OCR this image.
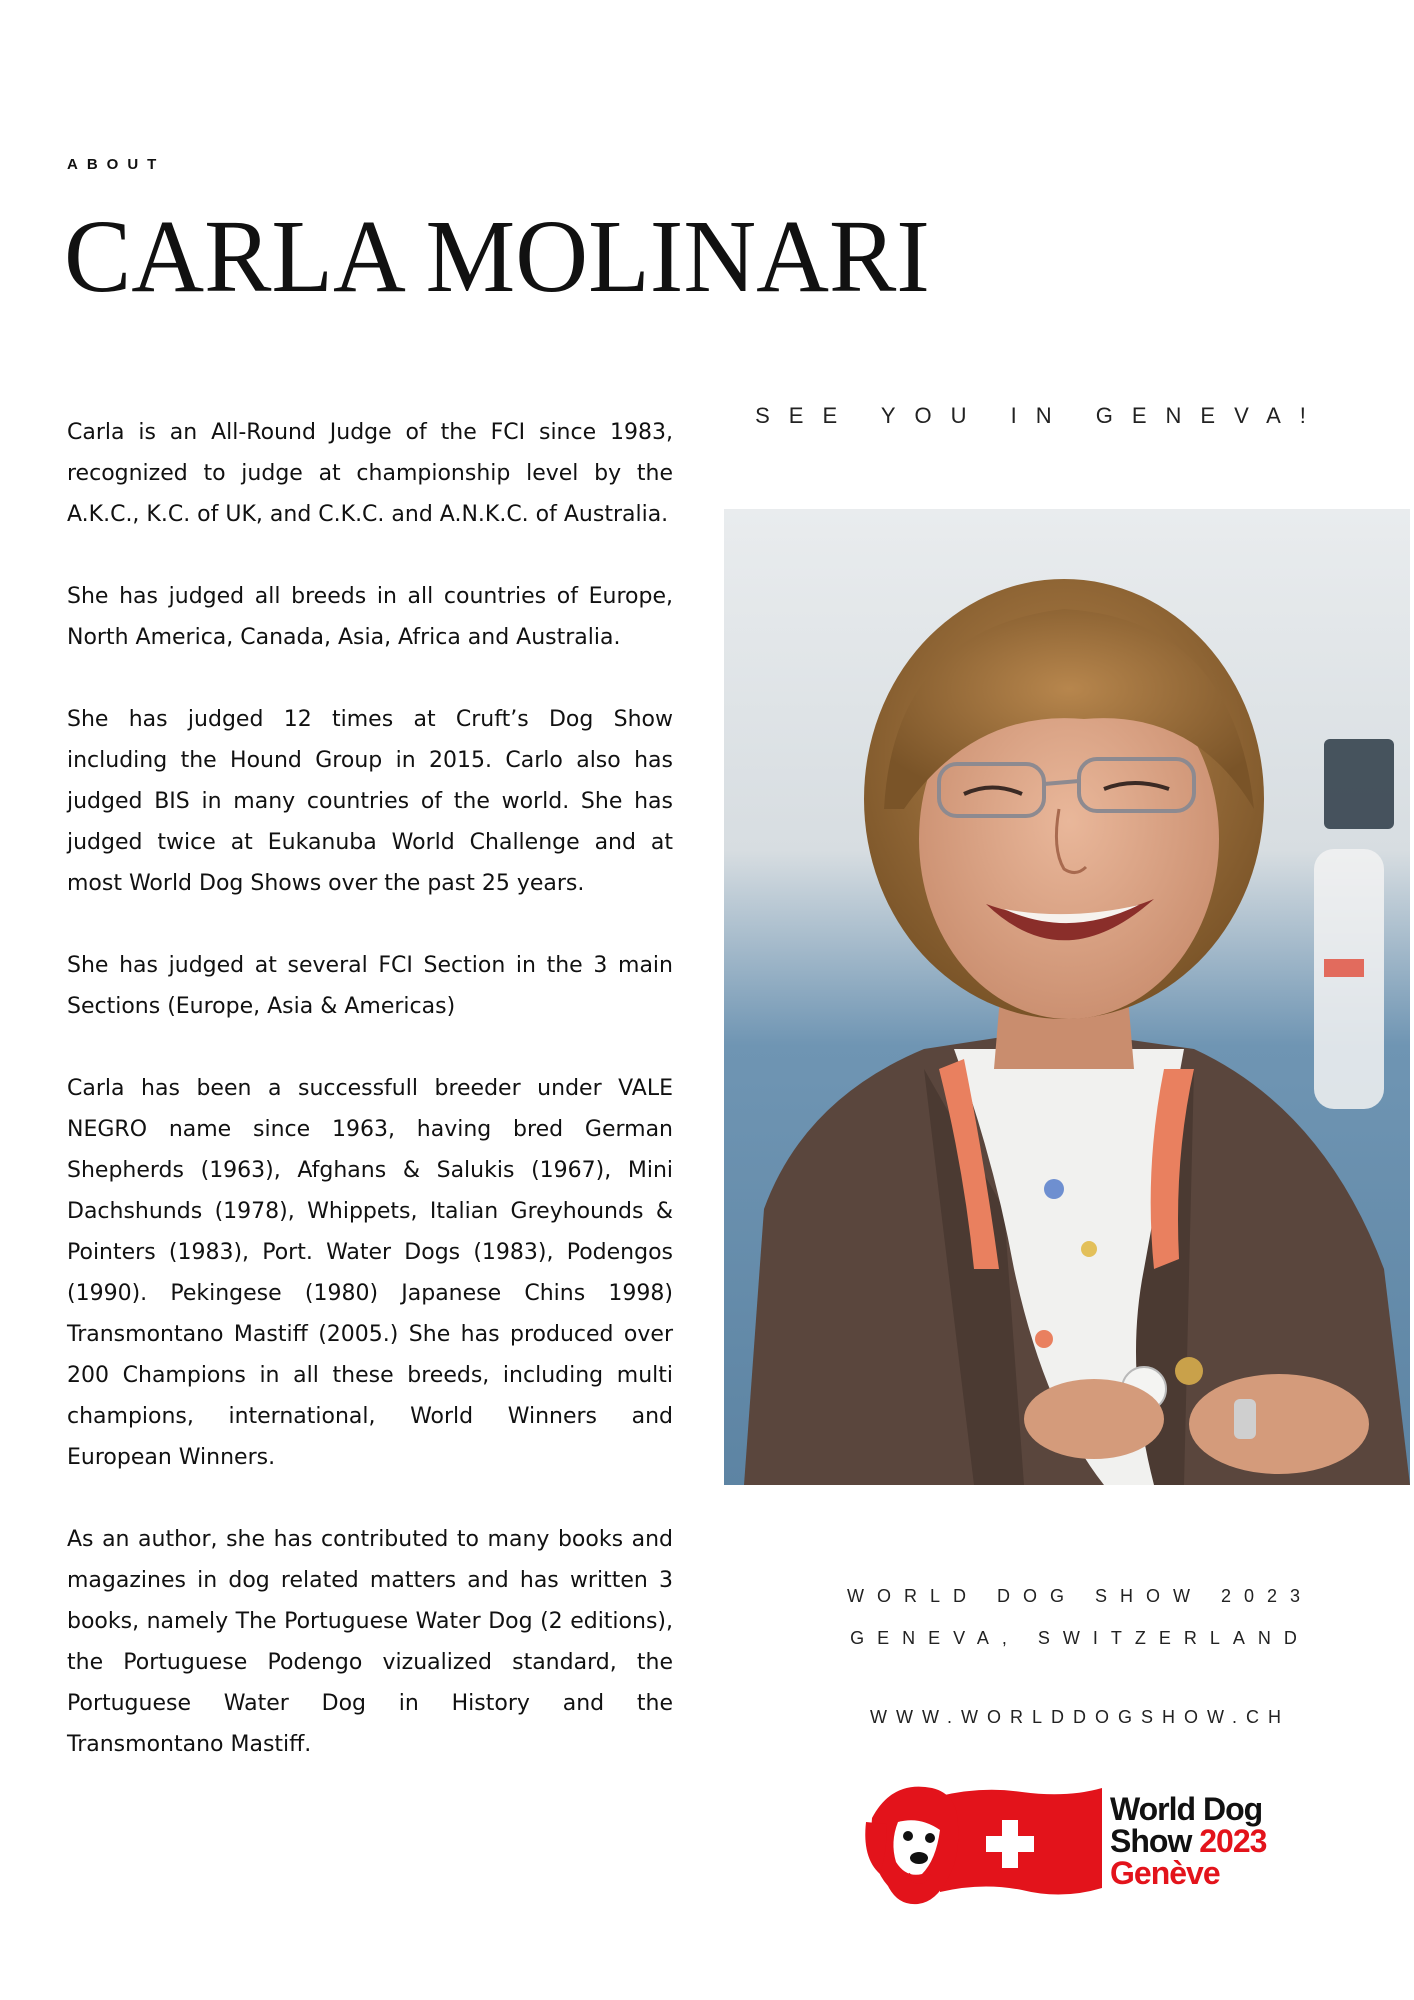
ABOUT
CARLA MOLINARI

Carla is an All-Round Judge of the FCI since 1983, recognized to judge at championship level by the A.K.C., K.C. of UK, and C.K.C. and A.N.K.C. of Australia.

She has judged all breeds in all countries of Europe, North America, Canada, Asia, Africa and Australia.

She has judged 12 times at Cruft’s Dog Show including the Hound Group in 2015. Carlo also has judged BIS in many countries of the world. She has judged twice at Eukanuba World Challenge and at most World Dog Shows over the past 25 years.

She has judged at several FCI Section in the 3 main Sections (Europe, Asia & Americas)

Carla has been a successfull breeder under VALE NEGRO name since 1963, having bred German Shepherds (1963), Afghans & Salukis (1967), Mini Dachshunds (1978), Whippets, Italian Greyhounds & Pointers (1983), Port. Water Dogs (1983), Podengos (1990). Pekingese (1980) Japanese Chins 1998) Transmontano Mastiff (2005.) She has produced over 200 Champions in all these breeds, including multi champions, international, World Winners and European Winners.

As an author, she has contributed to many books and magazines in dog related matters and has written 3 books, namely The Portuguese Water Dog (2 editions), the Portuguese Podengo vizualized standard, the Portuguese Water Dog in History and the Transmontano Mastiff.

SEE YOU IN GENEVA!
WORLD DOG SHOW 2023
GENEVA, SWITZERLAND
WWW.WORLDDOGSHOW.CH
World Dog
Show 2023
Genève
